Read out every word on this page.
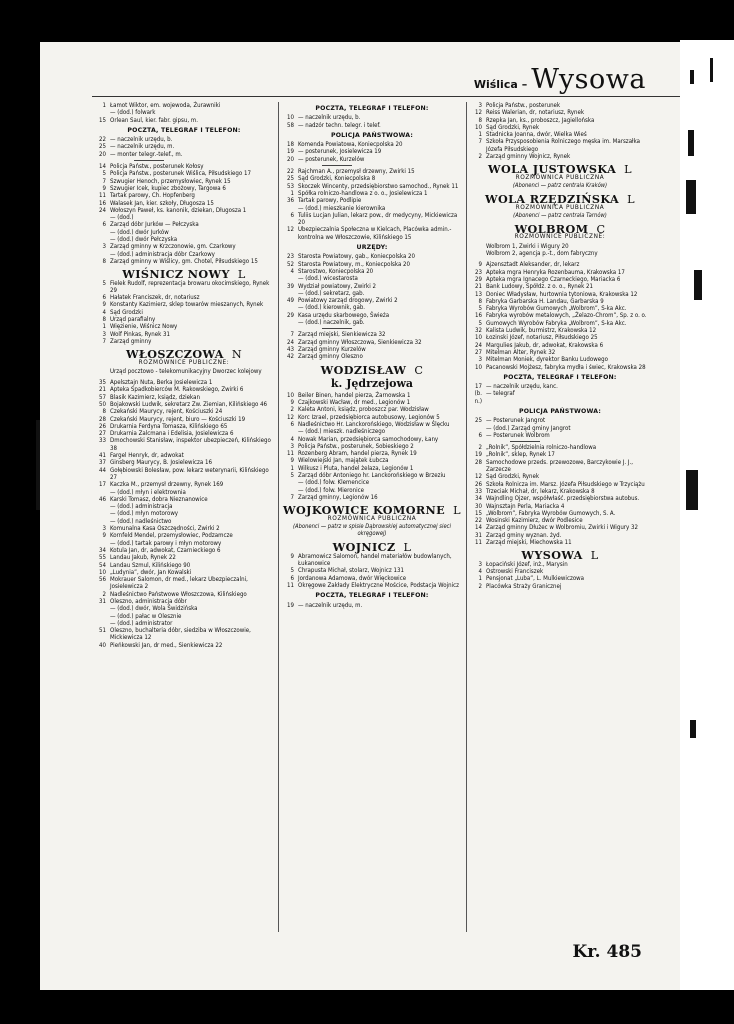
Wiślica – Wysowa
1 Łamot Wiktor, em. wojewoda, Żurawniki
— (dod.) folwark
15 Orlean Saul, kier. fabr. gipsu, m.
POCZTA, TELEGRAF I TELEFON:
22 — naczelnik urzędu, b.
25 — naczelnik urzędu, m.
20 — monter telegr.-telef., m.
14 Policja Państw., posterunek Kołosy
5 Policja Państw., posterunek Wiślica, Piłsudskiego 17
7 Szwugier Henoch, przemysłowiec, Rynek 15
9 Szwugier Icek, kupiec zbożowy, Targowa 6
11 Tartak parowy, Ch. Hopfenberg
16 Walasek Jan, kier. szkoły, Długosza 15
24 Wołoszyn Paweł, ks. kanonik, dziekan, Długosza 1
— (dod.)
6 Zarząd dóbr Jurków — Pełczyska
— (dod.) dwór Jurków
— (dod.) dwór Pełczyska
3 Zarząd gminny w Krzczonowie, gm. Czarkowy
— (dod.) administracja dóbr Czarkowy
8 Zarząd gminny w Wiślicy, gm. Chotel, Piłsudskiego 15
WIŚNICZ NOWY L
5 Fielek Rudolf, reprezentacja browaru okocimskiego, Rynek 29
6 Hałatek Franciszek, dr, notariusz
9 Konstanty Kazimierz, sklep towarów mieszanych, Rynek
4 Sąd Grodzki
8 Urząd parafialny
1 Więzienie, Wiśnicz Nowy
3 Wolf Pinkas, Rynek 31
7 Zarząd gminny
WŁOSZCZOWA N
ROZMÓWNICE PUBLICZNE:
Urząd pocztowo - telekomunikacyjny Dworzec kolejowy
35 Apelsztajn Nuta, Berka Josielewicza 1
21 Apteka Spadkobierców M. Rakowskiego, Zwirki 6
57 Blasik Kazimierz, ksiądz, dziekan
50 Bojakowski Ludwik, sekretarz Zw. Ziemian, Kilińskiego 46
8 Czekański Maurycy, rejent, Kościuszki 24
28 Czekański Maurycy, rejent, biuro — Kościuszki 19
26 Drukarnia Ferdyna Tomasza, Kilińskiego 65
27 Drukarnia Zalcmana i Edelisia, Josielewicza 6
33 Dmochowski Stanisław, inspektor ubezpieczeń, Kilińskiego 38
41 Fargel Henryk, dr, adwokat
37 Ginsberg Maurycy, B. Josielewicza 16
44 Gołębiowski Bolesław, pow. lekarz weterynarii, Kilińskiego 27
17 Kaczka M., przemysł drzewny, Rynek 169
— (dod.) młyn i elektrownia
46 Karski Tomasz, dobra Nieznanowice
— (dod.) administracja
— (dod.) młyn motorowy
— (dod.) nadleśnictwo
3 Komunalna Kasa Oszczędności, Zwirki 2
9 Kornfeld Mendel, przemysłowiec, Podzamcze
— (dod.) tartak parowy i młyn motorowy
34 Kotula Jan, dr, adwokat, Czarnieckiego 6
55 Landau Jakub, Rynek 22
54 Landau Szmul, Kilińskiego 90
10 „Ludynia”, dwór, Jan Kowalski
56 Mokrauer Salomon, dr med., lekarz Ubezpieczalni, Josielewicza 2
2 Nadleśnictwo Państwowe Włoszczowa, Kilińskiego
31 Oleszno, administracja dóbr
— (dod.) dwór, Wola Świdzińska
— (dod.) pałac w Olesznie
— (dod.) administrator
51 Oleszno, buchalteria dóbr, siedziba w Włoszczowie, Mickiewicza 12
40 Pieńkowski Jan, dr med., Sienkiewicza 22
POCZTA, TELEGRAF I TELEFON:
10 — naczelnik urzędu, b.
58 — nadzór techn. telegr. i telef.
POLICJA PAŃSTWOWA:
18 Komenda Powiatowa, Koniecpolska 20
19 — posterunek, Josielewicza 19
20 — posterunek, Kurzelów
22 Rajchman A., przemysł drzewny, Zwirki 15
25 Sąd Grodzki, Koniecpolska 8
53 Skoczek Wincenty, przedsiębiorstwo samochod., Rynek 11
1 Spółka rolniczo-handlowa z o. o., Josielewicza 1
36 Tartak parowy, Podlipie
— (dod.) mieszkanie kierownika
6 Tuliis Lucjan Julian, lekarz pow., dr medycyny, Mickiewicza 20
12 Ubezpieczalnia Społeczna w Kielcach, Placówka admin.-kontrolna we Włoszczowie, Kilińskiego 15
URZĘDY:
23 Starosta Powiatowy, gab., Koniecpolska 20
52 Starosta Powiatowy, m., Koniecpolska 20
4 Starostwo, Koniecpolska 20
— (dod.) wicestarosta
39 Wydział powiatowy, Zwirki 2
— (dod.) sekretarz, gab.
49 Powiatowy zarząd drogowy, Zwirki 2
— (dod.) kierownik, gab.
29 Kasa urzędu skarbowego, Świeża
— (dod.) naczelnik, gab.
7 Zarząd miejski, Sienkiewicza 32
24 Zarząd gminny Włoszczowa, Sienkiewicza 32
43 Zarząd gminny Kurzelów
42 Zarząd gminny Oleszno
WODZISŁAW C
k. Jędrzejowa
10 Beiler Binen, handel pierza, Żarnowska 1
9 Czajkowski Wacław, dr med., Legionów 1
2 Kaleta Antoni, ksiądz, proboszcz par. Wodzisław
12 Korc Izrael, przedsiębiorca autobusowy, Legionów 5
6 Nadleśnictwo Hr. Lanckorońskiego, Wodzisław w Ślęcku
— (dod.) mieszk. nadleśniczego
4 Nowak Marian, przedsiębiorca samochodowy, Łany
3 Policja Państw., posterunek, Sobieskiego 2
11 Rozenberg Abram, handel pierza, Rynek 19
9 Wielowiejski Jan, majątek Łubcza
1 Wilkusz i Pluta, handel żelaza, Legionów 1
5 Zarząd dóbr Antoniego hr. Lanckorońskiego w Brzeziu
— (dod.) folw. Klemencice
— (dod.) folw. Mieronice
7 Zarząd gminny, Legionów 16
WOJKOWICE KOMORNE L
ROZMÓWNICA PUBLICZNA
(Abonenci — patrz w spisie Dąbrowskiej automatycznej sieci okręgowej)
WOJNICZ L
9 Abramowicz Salomon, handel materiałów budowlanych, Łukanowice
5 Chrapusta Michał, stolarz, Wojnicz 131
6 Jordanowa Adamowa, dwór Więckowice
11 Okręgowe Zakłady Elektryczne Mościce, Podstacja Wojnicz
POCZTA, TELEGRAF I TELEFON:
19 — naczelnik urzędu, m.
3 Policja Państw., posterunek
12 Reiss Walerian, dr, notariusz, Rynek
8 Rzepka Jan, ks., proboszcz, Jagiellońska
10 Sąd Grodzki, Rynek
1 Stadnicka Joanna, dwór, Wielka Wieś
7 Szkoła Przysposobienia Rolniczego męska im. Marszałka Józefa Piłsudskiego
2 Zarząd gminny Wojnicz, Rynek
WOLA JUSTOWSKA L
ROZMÓWNICA PUBLICZNA
(Abonenci — patrz centrala Kraków)
WOLA RZĘDZIŃSKA L
ROZMÓWNICA PUBLICZNA
(Abonenci — patrz centrala Tarnów)
WOLBROM C
ROZMÓWNICE PUBLICZNE:
Wolbrom 1, Zwirki i Wigury 20
Wolbrom 2, agencja p.-t., dom fabryczny
9 Ajzensztadt Aleksander, dr, lekarz
23 Apteka mgra Henryka Rozenbauma, Krakowska 17
29 Apteka mgra Ignacego Czarneckiego, Mariacka 6
21 Bank Ludowy, Spółdz. z o. o., Rynek 21
13 Doniec Władysław, hurtownia tytoniowa, Krakowska 12
8 Fabryka Garbarska H. Landau, Garbarska 9
5 Fabryka Wyrobów Gumowych „Wolbrom”, S-ka Akc.
16 Fabryka wyrobów metalowych, „Żelazo-Chrom”, Sp. z o. o.
5 Gumowych Wyrobów Fabryka „Wolbrom”, S-ka Akc.
32 Kalista Ludwik, burmistrz, Krakowska 12
10 Łozinski Józef, notariusz, Piłsudskiego 25
24 Margulies Jakub, dr, adwokat, Krakowska 6
27 Mitelman Alter, Rynek 32
3 Mitelman Moniek, dyrektor Banku Ludowego
10 Pacanowski Mojżesz, fabryka mydła i świec, Krakowska 28
POCZTA, TELEGRAF I TELEFON:
17 — naczelnik urzędu, kanc.
(b. n.)
— telegraf
POLICJA PAŃSTWOWA:
25 — Posterunek Jangrot
— (dod.) Zarząd gminy Jangrot
6 — Posterunek Wolbrom
2 „Rolnik”, Spółdzielnia rolniczo-handlowa
19 „Rolnik”, sklep, Rynek 17
28 Samochodowe przeds. przewozowe, Barczykowie J. J., Zarzecze
12 Sąd Grodzki, Rynek
26 Szkoła Rolnicza im. Marsz. Józefa Piłsudskiego w Trzyciążu
33 Trzeciak Michał, dr, lekarz, Krakowska 8
34 Wajndling Ojzer, współwłaść. przedsiębiorstwa autobus.
30 Wajnsztajn Perla, Mariacka 4
15 „Wolbrom”, Fabryka Wyrobów Gumowych, S. A.
22 Wosinski Kazimierz, dwór Podlesice
14 Zarząd gminny Dłużec w Wolbromiu, Zwirki i Wigury 32
31 Zarząd gminy wyznan. żyd.
11 Zarząd miejski, Miechowska 11
WYSOWA L
3 Łopaciński Józef, inż., Marysin
4 Ostrowski Franciszek
1 Pensjonat „Luba”, L. Mulkiewiczowa
2 Placówka Straży Granicznej
Kr. 485
